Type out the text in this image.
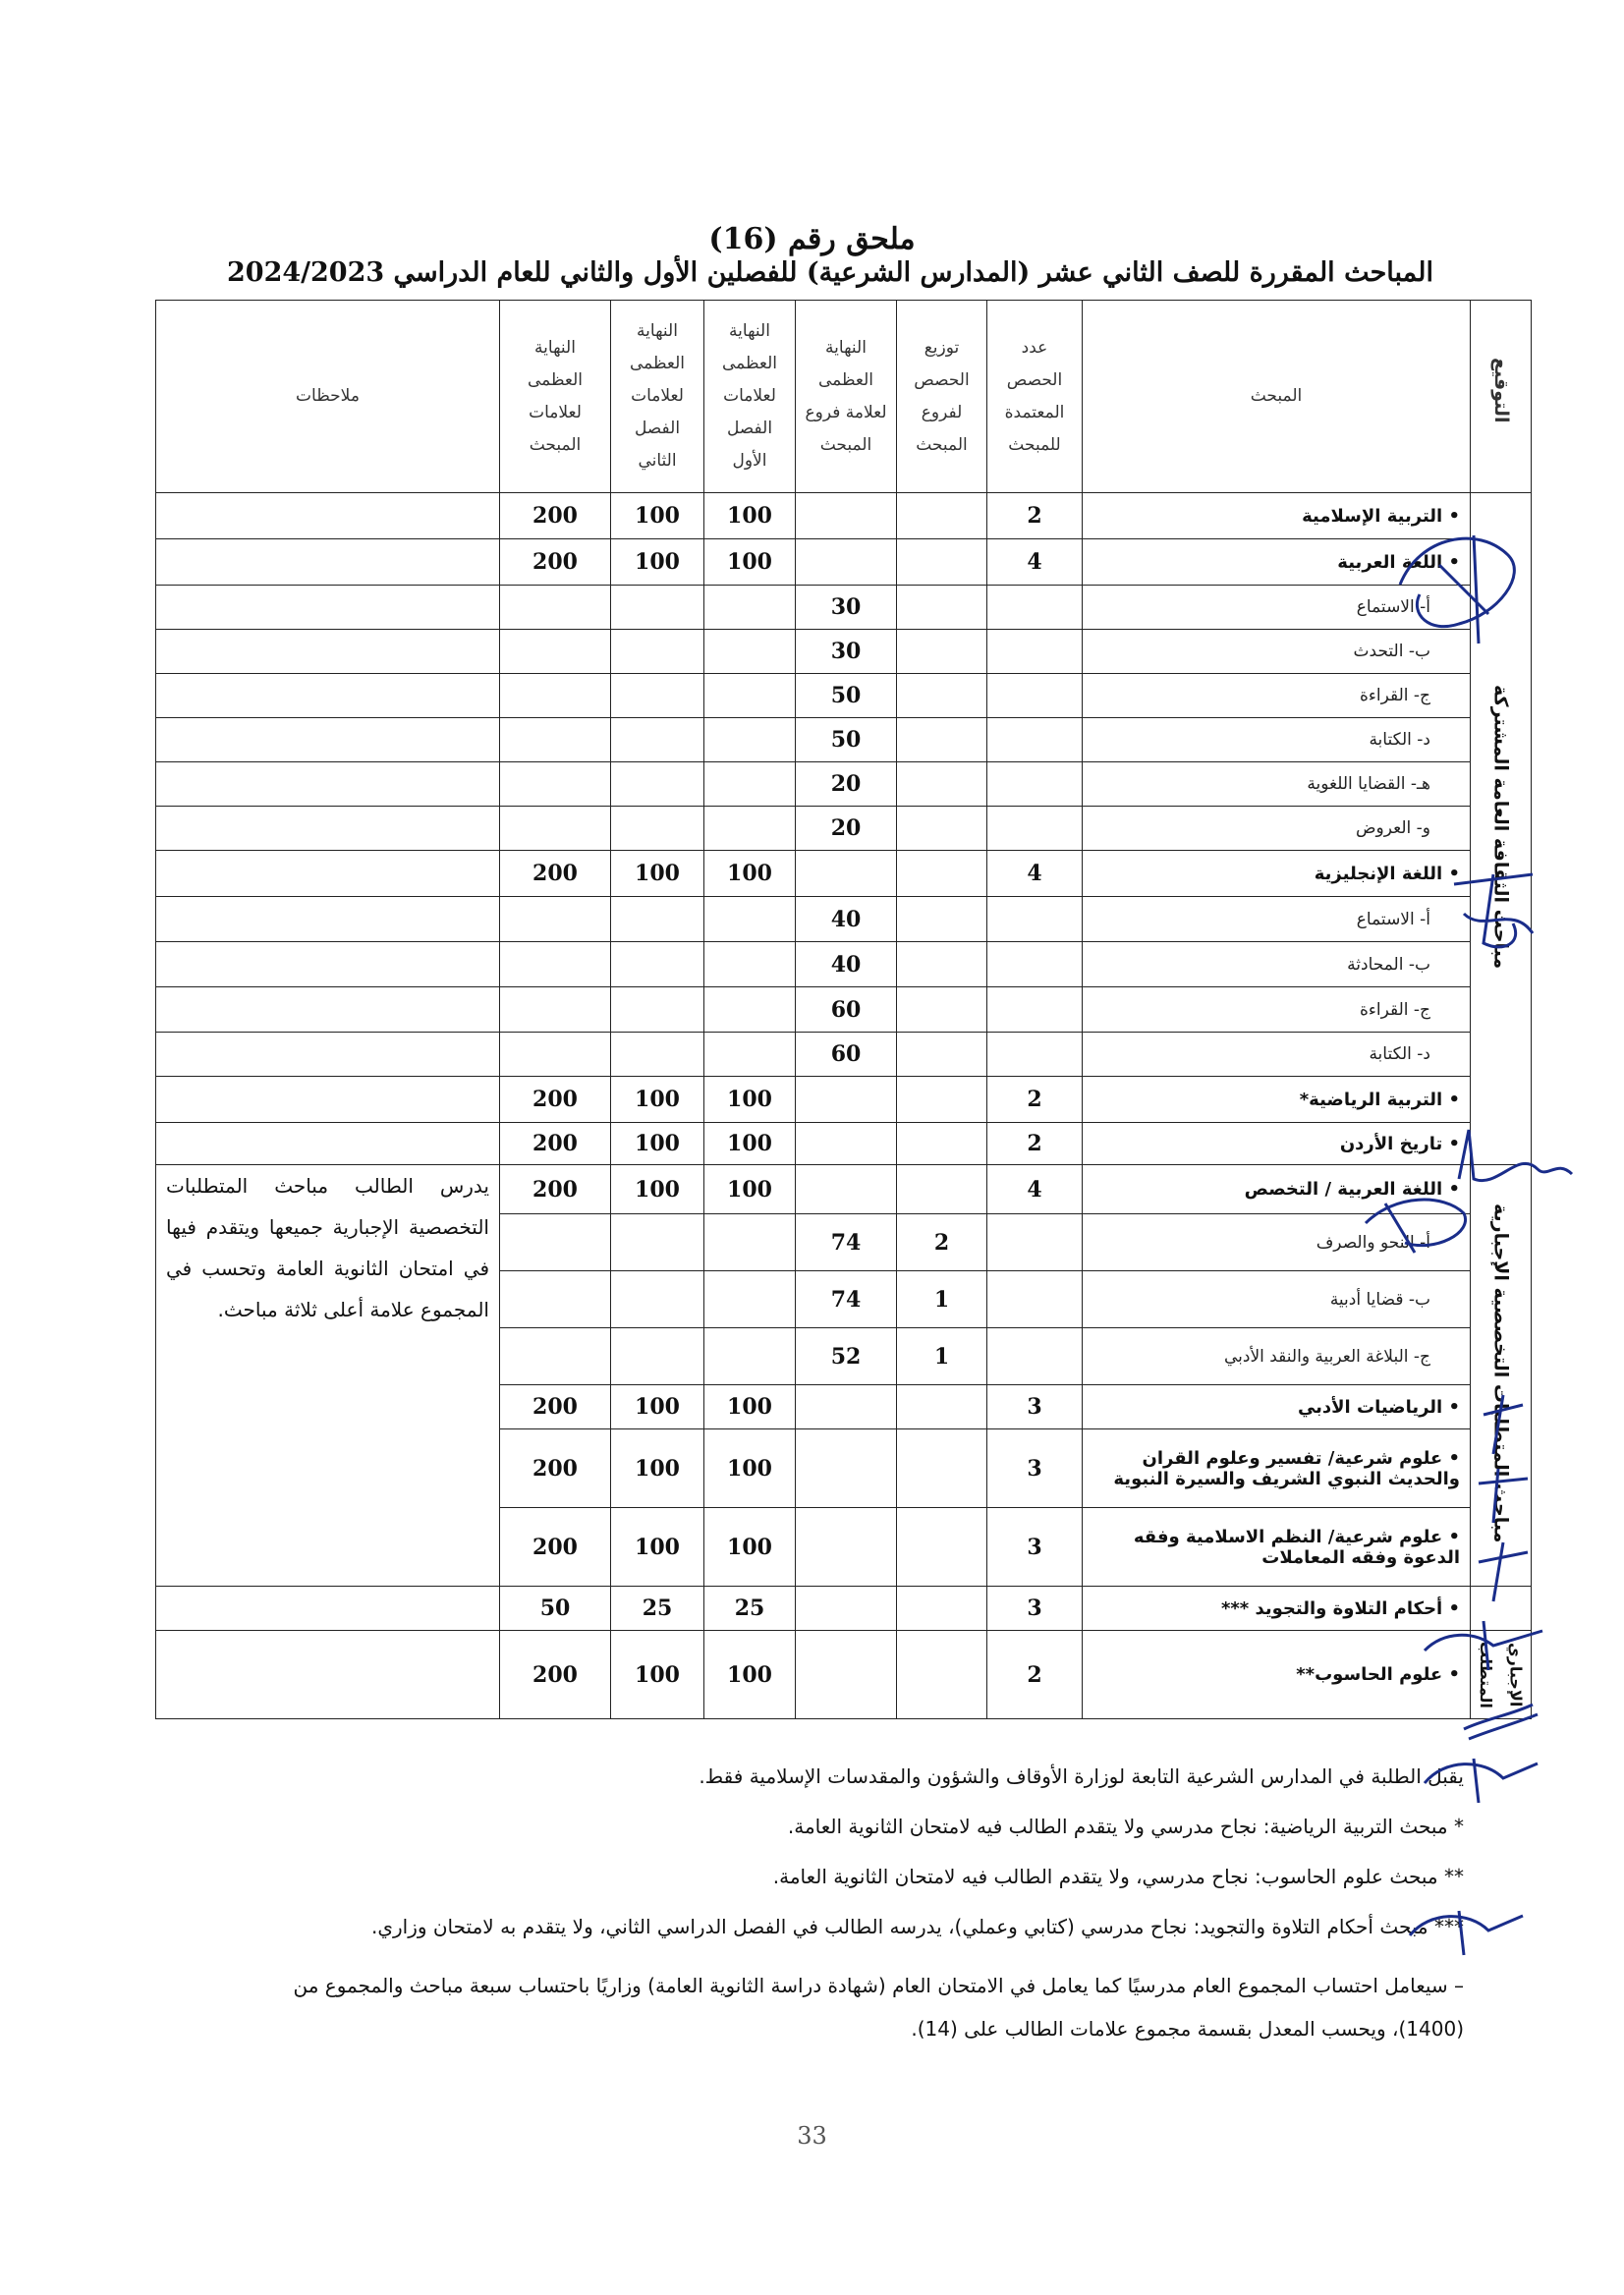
ملحق رقم (16)
المباحث المقررة للصف الثاني عشر (المدارس الشرعية) للفصلين الأول والثاني للعام الدراسي 2024/2023
التوقيع	المبحث	عدد الحصص المعتمدة للمبحث	توزيع الحصص لفروع المبحث	النهاية العظمى لعلامة فروع المبحث	النهاية العظمى لعلامات الفصل الأول	النهاية العظمى لعلامات الفصل الثاني	النهاية العظمى لعلامات المبحث	ملاحظات
مباحث الثقافة العامة المشتركة	• التربية الإسلامية	2			100	100	200	
	• اللغة العربية	4			100	100	200	
	أ- الاستماع			30				
	ب- التحدث			30				
	ج- القراءة			50				
	د- الكتابة			50				
	هـ- القضايا اللغوية			20				
	و- العروض			20				
	• اللغة الإنجليزية	4			100	100	200	
	أ- الاستماع			40				
	ب- المحادثة			40				
	ج- القراءة			60				
	د- الكتابة			60				
	• التربية الرياضية*	2			100	100	200	
	• تاريخ الأردن	2			100	100	200	
مباحث المتطلبات التخصصية الإجبارية	• اللغة العربية / التخصص	4			100	100	200	يدرس الطالب مباحث المتطلبات التخصصية الإجبارية جميعها ويتقدم فيها في امتحان الثانوية العامة وتحسب في المجموع علامة أعلى ثلاثة مباحث.
	أ- النحو والصرف		2	74				
	ب- قضايا أدبية		1	74				
	ج- البلاغة العربية والنقد الأدبي		1	52				
	• الرياضيات الأدبي	3			100	100	200	
	• علوم شرعية/ تفسير وعلوم القران والحديث النبوي الشريف والسيرة النبوية	3			100	100	200	
	• علوم شرعية/ النظم الاسلامية وفقه الدعوة وفقه المعاملات	3			100	100	200	
	• أحكام التلاوة والتجويد ***	3			25	25	50	

الإجباري
المتطلب	• علوم الحاسوب**	2			100	100	200	

يقبل الطلبة في المدارس الشرعية التابعة لوزارة الأوقاف والشؤون والمقدسات الإسلامية فقط.

* مبحث التربية الرياضية: نجاح مدرسي ولا يتقدم الطالب فيه لامتحان الثانوية العامة.

** مبحث علوم الحاسوب: نجاح مدرسي، ولا يتقدم الطالب فيه لامتحان الثانوية العامة.

*** مبحث أحكام التلاوة والتجويد: نجاح مدرسي (كتابي وعملي)، يدرسه الطالب في الفصل الدراسي الثاني، ولا يتقدم به لامتحان وزاري.

– سيعامل احتساب المجموع العام مدرسيًا كما يعامل في الامتحان العام (شهادة دراسة الثانوية العامة) وزاريًا باحتساب سبعة مباحث والمجموع من (1400)، ويحسب المعدل بقسمة مجموع علامات الطالب على (14).

33
